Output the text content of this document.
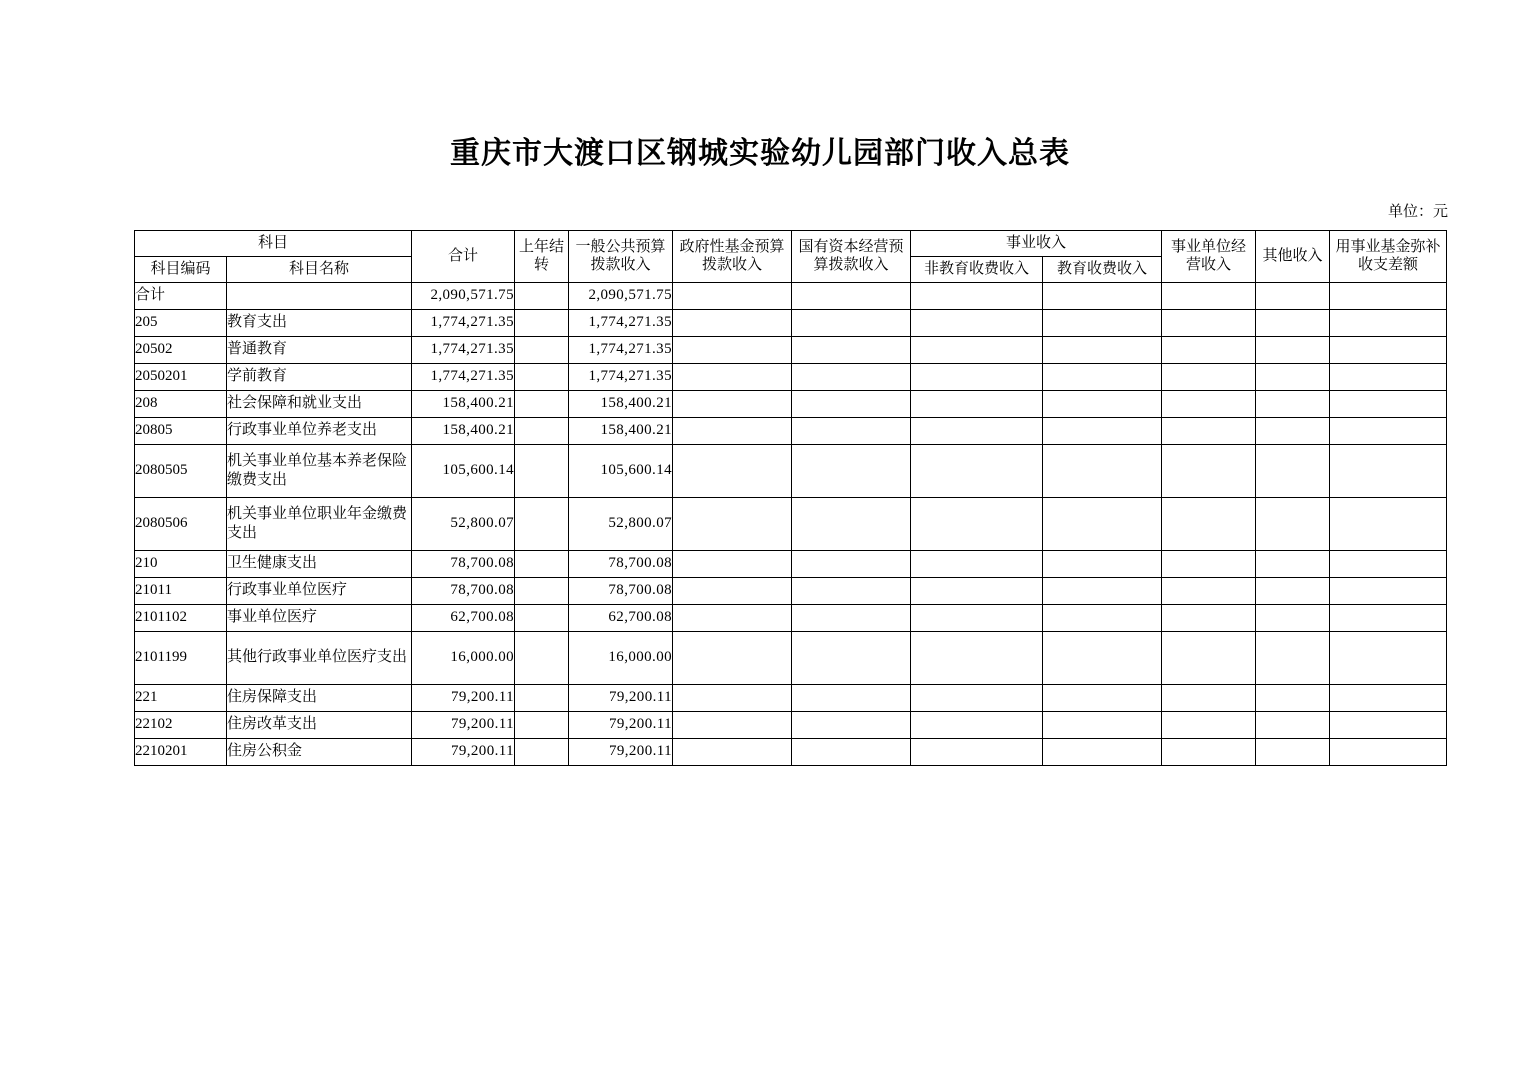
重庆市大渡口区钢城实验幼儿园部门收入总表
单位：元
科目		合计	上年结转	一般公共预算拨款收入	政府性基金预算拨款收入	国有资本经营预算拨款收入	事业收入		事业单位经营收入	其他收入	用事业基金弥补收支差额
科目编码	科目名称						非教育收费收入	教育收费收入			
合计		2,090,571.75		2,090,571.75							
205	教育支出	1,774,271.35		1,774,271.35							
20502	普通教育	1,774,271.35		1,774,271.35							
2050201	学前教育	1,774,271.35		1,774,271.35							
208	社会保障和就业支出	158,400.21		158,400.21							
20805	行政事业单位养老支出	158,400.21		158,400.21							
2080505	机关事业单位基本养老保险缴费支出	105,600.14		105,600.14							
2080506	机关事业单位职业年金缴费支出	52,800.07		52,800.07							
210	卫生健康支出	78,700.08		78,700.08							
21011	行政事业单位医疗	78,700.08		78,700.08							
2101102	事业单位医疗	62,700.08		62,700.08							
2101199	其他行政事业单位医疗支出	16,000.00		16,000.00							
221	住房保障支出	79,200.11		79,200.11							
22102	住房改革支出	79,200.11		79,200.11							
2210201	住房公积金	79,200.11		79,200.11							
